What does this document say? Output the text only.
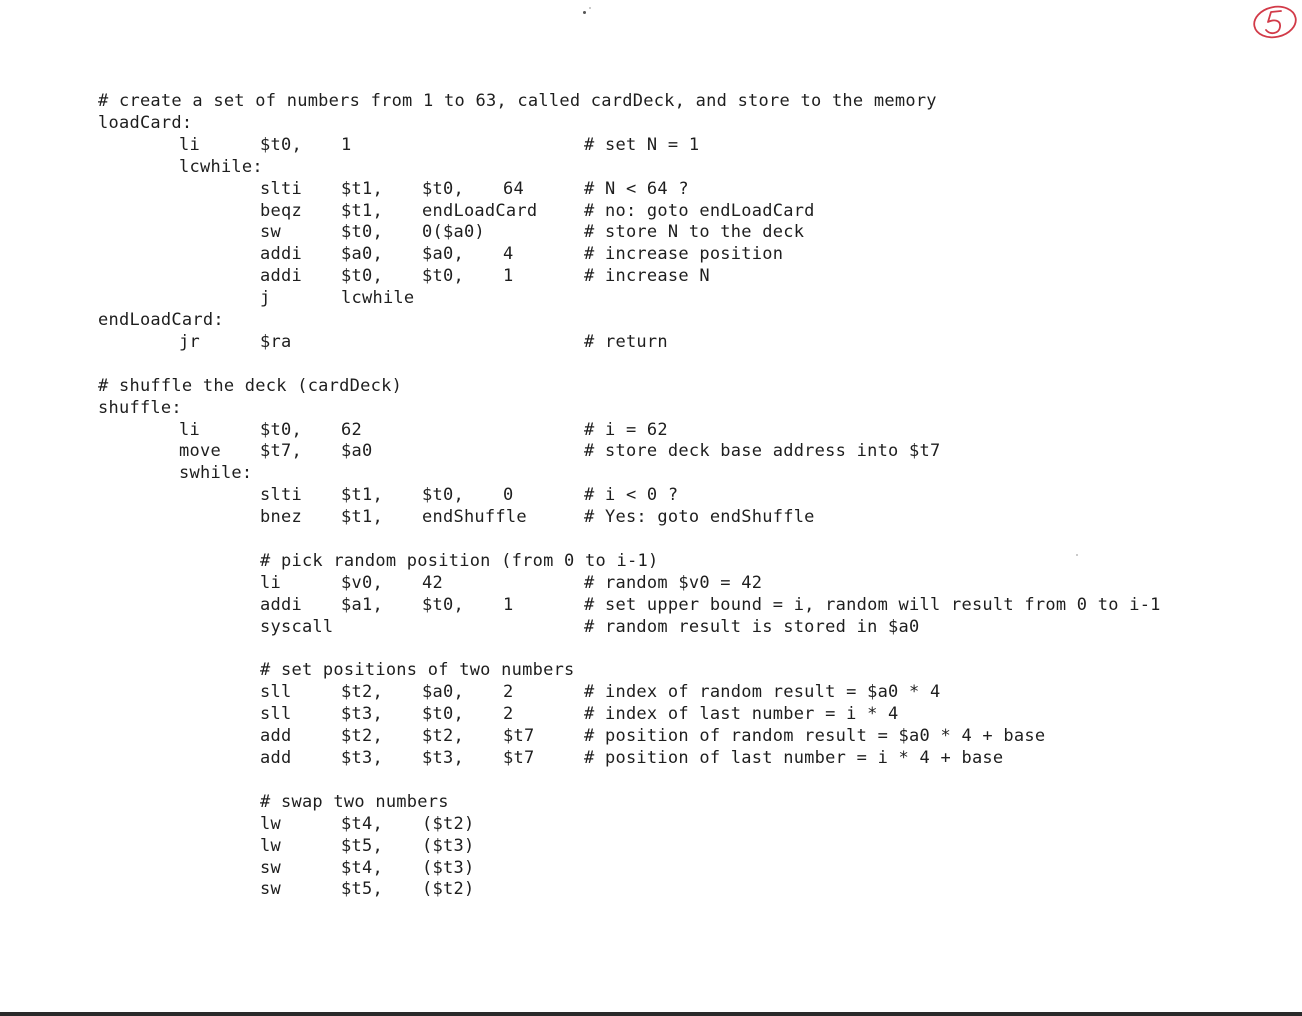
# create a set of numbers from 1 to 63, called cardDeck, and store to the memory
loadCard:
li	$t0, 1	# set N = 1
lcwhile:
slti $t1, $t0, 64	# N < 64 ?
beqz $t1, endLoadCard	# no: goto endLoadCard
sw	$t0, 0($a0)	# store N to the deck
addi $a0, $a0, 4	# increase position
addi $t0, $t0, 1	# increase N
j	lcwhile
endLoadCard:
jr	$ra	# return
# shuffle the deck (cardDeck)
shuffle:
li	$t0, 62	# i = 62
move $t7, $a0	# store deck base address into $t7
swhile:
slti $t1, $t0, 0	# i < 0 ?
bnez $t1, endShuffle	# Yes: goto endShuffle
# pick random position (from 0 to i-1)
li	$v0, 42	# random $v0 = 42
addi $a1, $t0, 1	# set upper bound = i, random will result from 0 to i-1
syscall	# random result is stored in $a0
# set positions of two numbers
sll	$t2, $a0, 2	# index of random result = $a0 * 4
sll	$t3, $t0, 2	# index of last number = i * 4
add	$t2, $t2, $t7	# position of random result = $a0 * 4 + base
add	$t3, $t3, $t7	# position of last number = i * 4 + base
# swap two numbers
lw	$t4, ($t2)
lw	$t5, ($t3)
sw	$t4, ($t3)
sw	$t5, ($t2)
